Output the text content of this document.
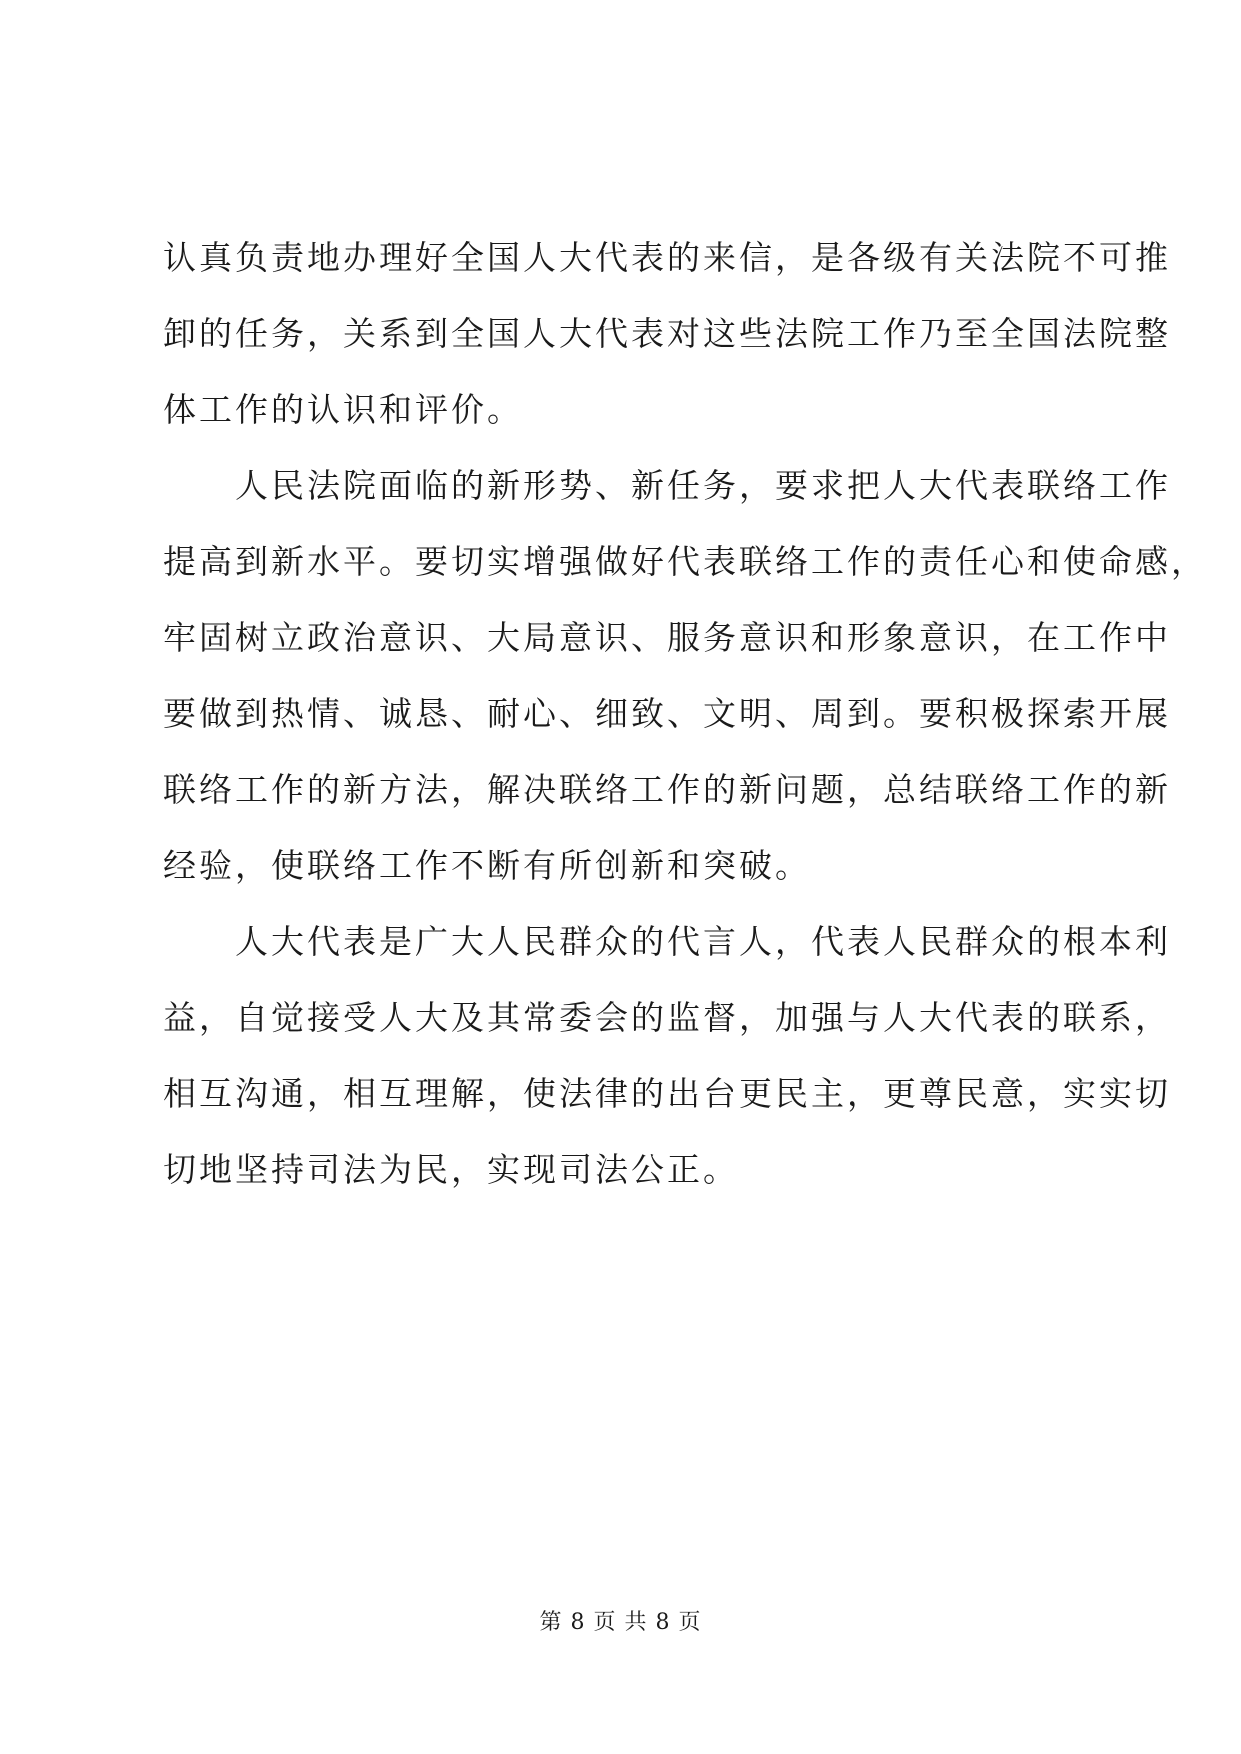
认真负责地办理好全国人大代表的来信，是各级有关法院不可推
卸的任务，关系到全国人大代表对这些法院工作乃至全国法院整
体工作的认识和评价。
　　人民法院面临的新形势、新任务，要求把人大代表联络工作
提高到新水平。要切实增强做好代表联络工作的责任心和使命感，
牢固树立政治意识、大局意识、服务意识和形象意识，在工作中
要做到热情、诚恳、耐心、细致、文明、周到。要积极探索开展
联络工作的新方法，解决联络工作的新问题，总结联络工作的新
经验，使联络工作不断有所创新和突破。
　　人大代表是广大人民群众的代言人，代表人民群众的根本利
益，自觉接受人大及其常委会的监督，加强与人大代表的联系，
相互沟通，相互理解，使法律的出台更民主，更尊民意，实实切
切地坚持司法为民，实现司法公正。
第 8 页 共 8 页
